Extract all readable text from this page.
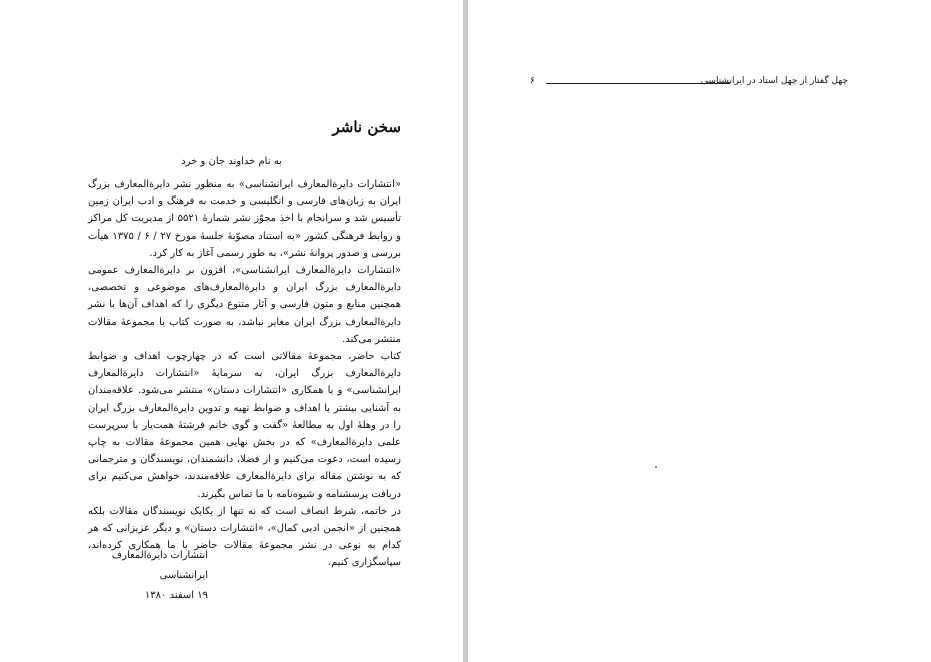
سخن ناشر
به نام خداوند جان و خرد

«انتشارات دایرةالمعارف ایرانشناسی» به منظور نشر دایرةالمعارف بزرگ ایران به زبان‌های فارسی و انگلیسی و خدمت به فرهنگ و ادب ایران زمین تأسیس شد و سرانجام با اخذ مجوّز نشر شمارهٔ ۵۵۲۱ از مدیریت کل مراکز و روابط فرهنگی کشور «به استناد مصوّبهٔ جلسهٔ مورخ ۲۷ / ۶ / ۱۳۷۵ هیأت بررسی و صدور پروانهٔ نشر»، به طور رسمی آغاز به کار کرد.

«انتشارات دایرةالمعارف ایرانشناسی»، افزون بر دایرةالمعارف عمومی دایرةالمعارف بزرگ ایران و دایرةالمعارف‌های موضوعی و تخصصی، همچنین منابع و متون فارسی و آثار متنوع دیگری را که اهداف آن‌ها با نشر دایرةالمعارف بزرگ ایران مغایر نباشد، به صورت کتاب یا مجموعهٔ مقالات منتشر می‌کند.

کتاب حاضر، مجموعهٔ مقالاتی است که در چهارچوب اهداف و ضوابط دایرةالمعارف بزرگ ایران، به سرمایهٔ «انتشارات دایرةالمعارف ایرانشناسی» و با همکاری «انتشارات دستان» منتشر می‌شود. علاقه‌مندان به آشنایی بیشتر با اهداف و ضوابط تهیه و تدوین دایرةالمعارف بزرگ ایران را در وهلهٔ اول به مطالعهٔ «گفت و گوی خانم فرشتهٔ همت‌یار با سرپرست علمی دایرةالمعارف» که در بخش نهایی همین مجموعهٔ مقالات به چاپ رسیده است، دعوت می‌کنیم و از فضلا، دانشمندان، نویسندگان و مترجمانی که به نوشتن مقاله برای دایرةالمعارف علاقه‌مندند، خواهش می‌کنیم برای دریافت پرسشنامه و شیوه‌نامه با ما تماس بگیرند.

در خاتمه، شرط انصاف است که نه تنها از یکایک نویسندگان مقالات بلکه همچنین از «انجمن ادبی کمال»، «انتشارات دستان» و دیگر عزیزانی که هر کدام به نوعی در نشر مجموعهٔ مقالات حاضر با ما همکاری کرده‌اند، سپاسگزاری کنیم.

انتشارات دایرةالمعارف ایرانشناسی
۱۹ اسفند ۱۳۸۰
چهل گفتار از چهل استاد در ایرانشناسی
۶
